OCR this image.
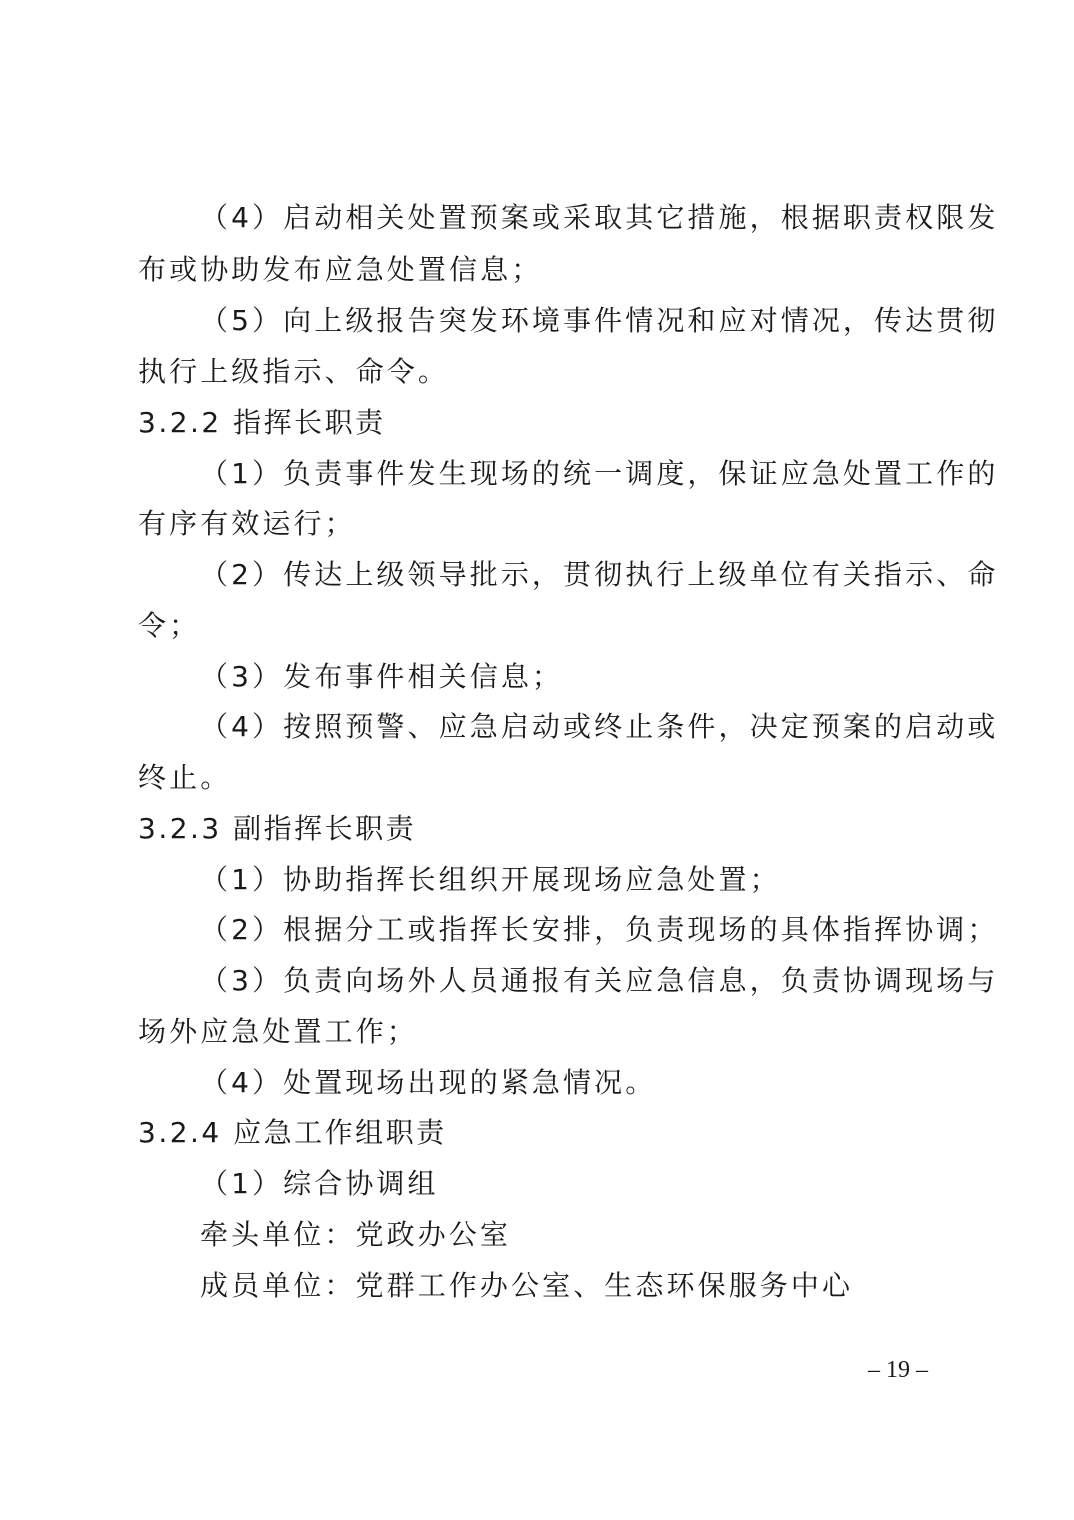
（4）启动相关处置预案或采取其它措施，根据职责权限发
布或协助发布应急处置信息；
（5）向上级报告突发环境事件情况和应对情况，传达贯彻
执行上级指示、命令。
3.2.2 指挥长职责
（1）负责事件发生现场的统一调度，保证应急处置工作的
有序有效运行；
（2）传达上级领导批示，贯彻执行上级单位有关指示、命
令；
（3）发布事件相关信息；
（4）按照预警、应急启动或终止条件，决定预案的启动或
终止。
3.2.3 副指挥长职责
（1）协助指挥长组织开展现场应急处置；
（2）根据分工或指挥长安排，负责现场的具体指挥协调；
（3）负责向场外人员通报有关应急信息，负责协调现场与
场外应急处置工作；
（4）处置现场出现的紧急情况。
3.2.4 应急工作组职责
（1）综合协调组
牵头单位：党政办公室
成员单位：党群工作办公室、生态环保服务中心
– 19 –
